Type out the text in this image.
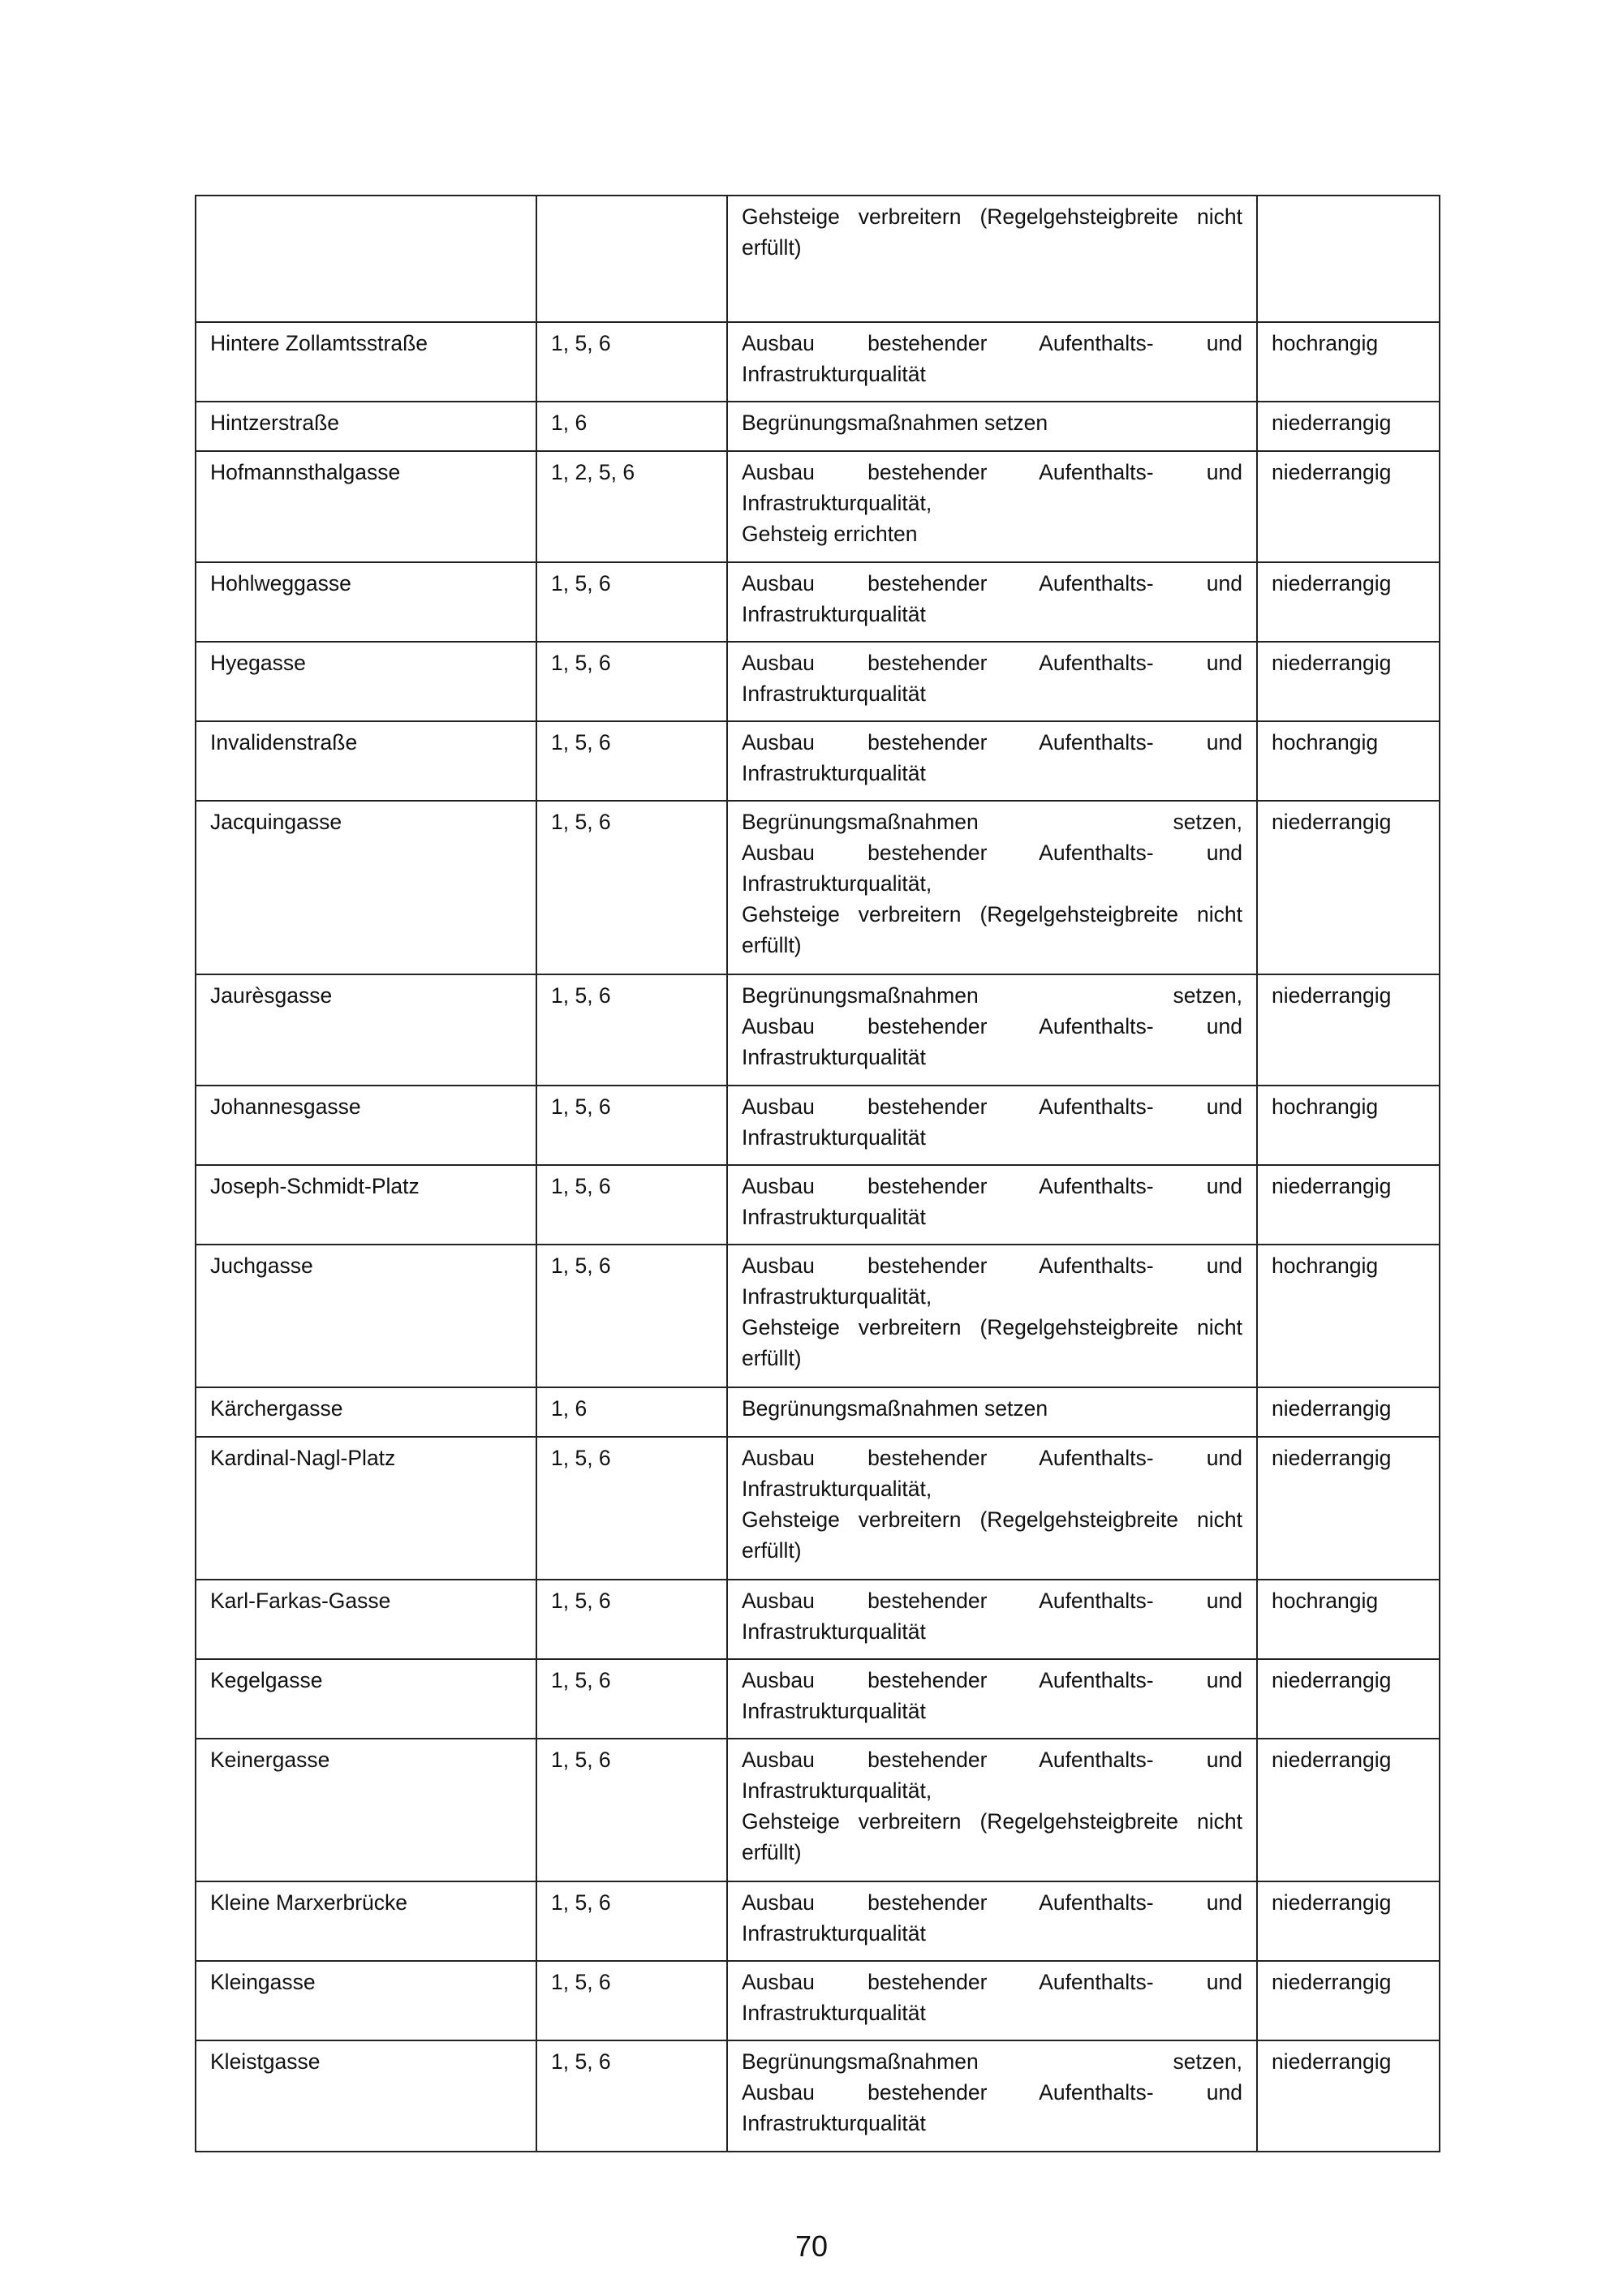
		Gehsteige verbreitern (Regelgehsteigbreite nicht
erfüllt)	

Hintere Zollamtsstraße	1, 5, 6	Ausbau bestehender Aufenthalts- und
Infrastrukturqualität	hochrangig
Hintzerstraße	1, 6	Begrünungsmaßnahmen setzen	niederrangig
Hofmannsthalgasse	1, 2, 5, 6	Ausbau bestehender Aufenthalts- und
Infrastrukturqualität,
Gehsteig errichten	niederrangig
Hohlweggasse	1, 5, 6	Ausbau bestehender Aufenthalts- und
Infrastrukturqualität	niederrangig
Hyegasse	1, 5, 6	Ausbau bestehender Aufenthalts- und
Infrastrukturqualität	niederrangig
Invalidenstraße	1, 5, 6	Ausbau bestehender Aufenthalts- und
Infrastrukturqualität	hochrangig
Jacquingasse	1, 5, 6	Begrünungsmaßnahmen setzen,
Ausbau bestehender Aufenthalts- und
Infrastrukturqualität,
Gehsteige verbreitern (Regelgehsteigbreite nicht
erfüllt)	niederrangig
Jaurèsgasse	1, 5, 6	Begrünungsmaßnahmen setzen,
Ausbau bestehender Aufenthalts- und
Infrastrukturqualität	niederrangig
Johannesgasse	1, 5, 6	Ausbau bestehender Aufenthalts- und
Infrastrukturqualität	hochrangig
Joseph-Schmidt-Platz	1, 5, 6	Ausbau bestehender Aufenthalts- und
Infrastrukturqualität	niederrangig
Juchgasse	1, 5, 6	Ausbau bestehender Aufenthalts- und
Infrastrukturqualität,
Gehsteige verbreitern (Regelgehsteigbreite nicht
erfüllt)	hochrangig
Kärchergasse	1, 6	Begrünungsmaßnahmen setzen	niederrangig
Kardinal-Nagl-Platz	1, 5, 6	Ausbau bestehender Aufenthalts- und
Infrastrukturqualität,
Gehsteige verbreitern (Regelgehsteigbreite nicht
erfüllt)	niederrangig
Karl-Farkas-Gasse	1, 5, 6	Ausbau bestehender Aufenthalts- und
Infrastrukturqualität	hochrangig
Kegelgasse	1, 5, 6	Ausbau bestehender Aufenthalts- und
Infrastrukturqualität	niederrangig
Keinergasse	1, 5, 6	Ausbau bestehender Aufenthalts- und
Infrastrukturqualität,
Gehsteige verbreitern (Regelgehsteigbreite nicht
erfüllt)	niederrangig
Kleine Marxerbrücke	1, 5, 6	Ausbau bestehender Aufenthalts- und
Infrastrukturqualität	niederrangig
Kleingasse	1, 5, 6	Ausbau bestehender Aufenthalts- und
Infrastrukturqualität	niederrangig
Kleistgasse	1, 5, 6	Begrünungsmaßnahmen setzen,
Ausbau bestehender Aufenthalts- und
Infrastrukturqualität	niederrangig
70
